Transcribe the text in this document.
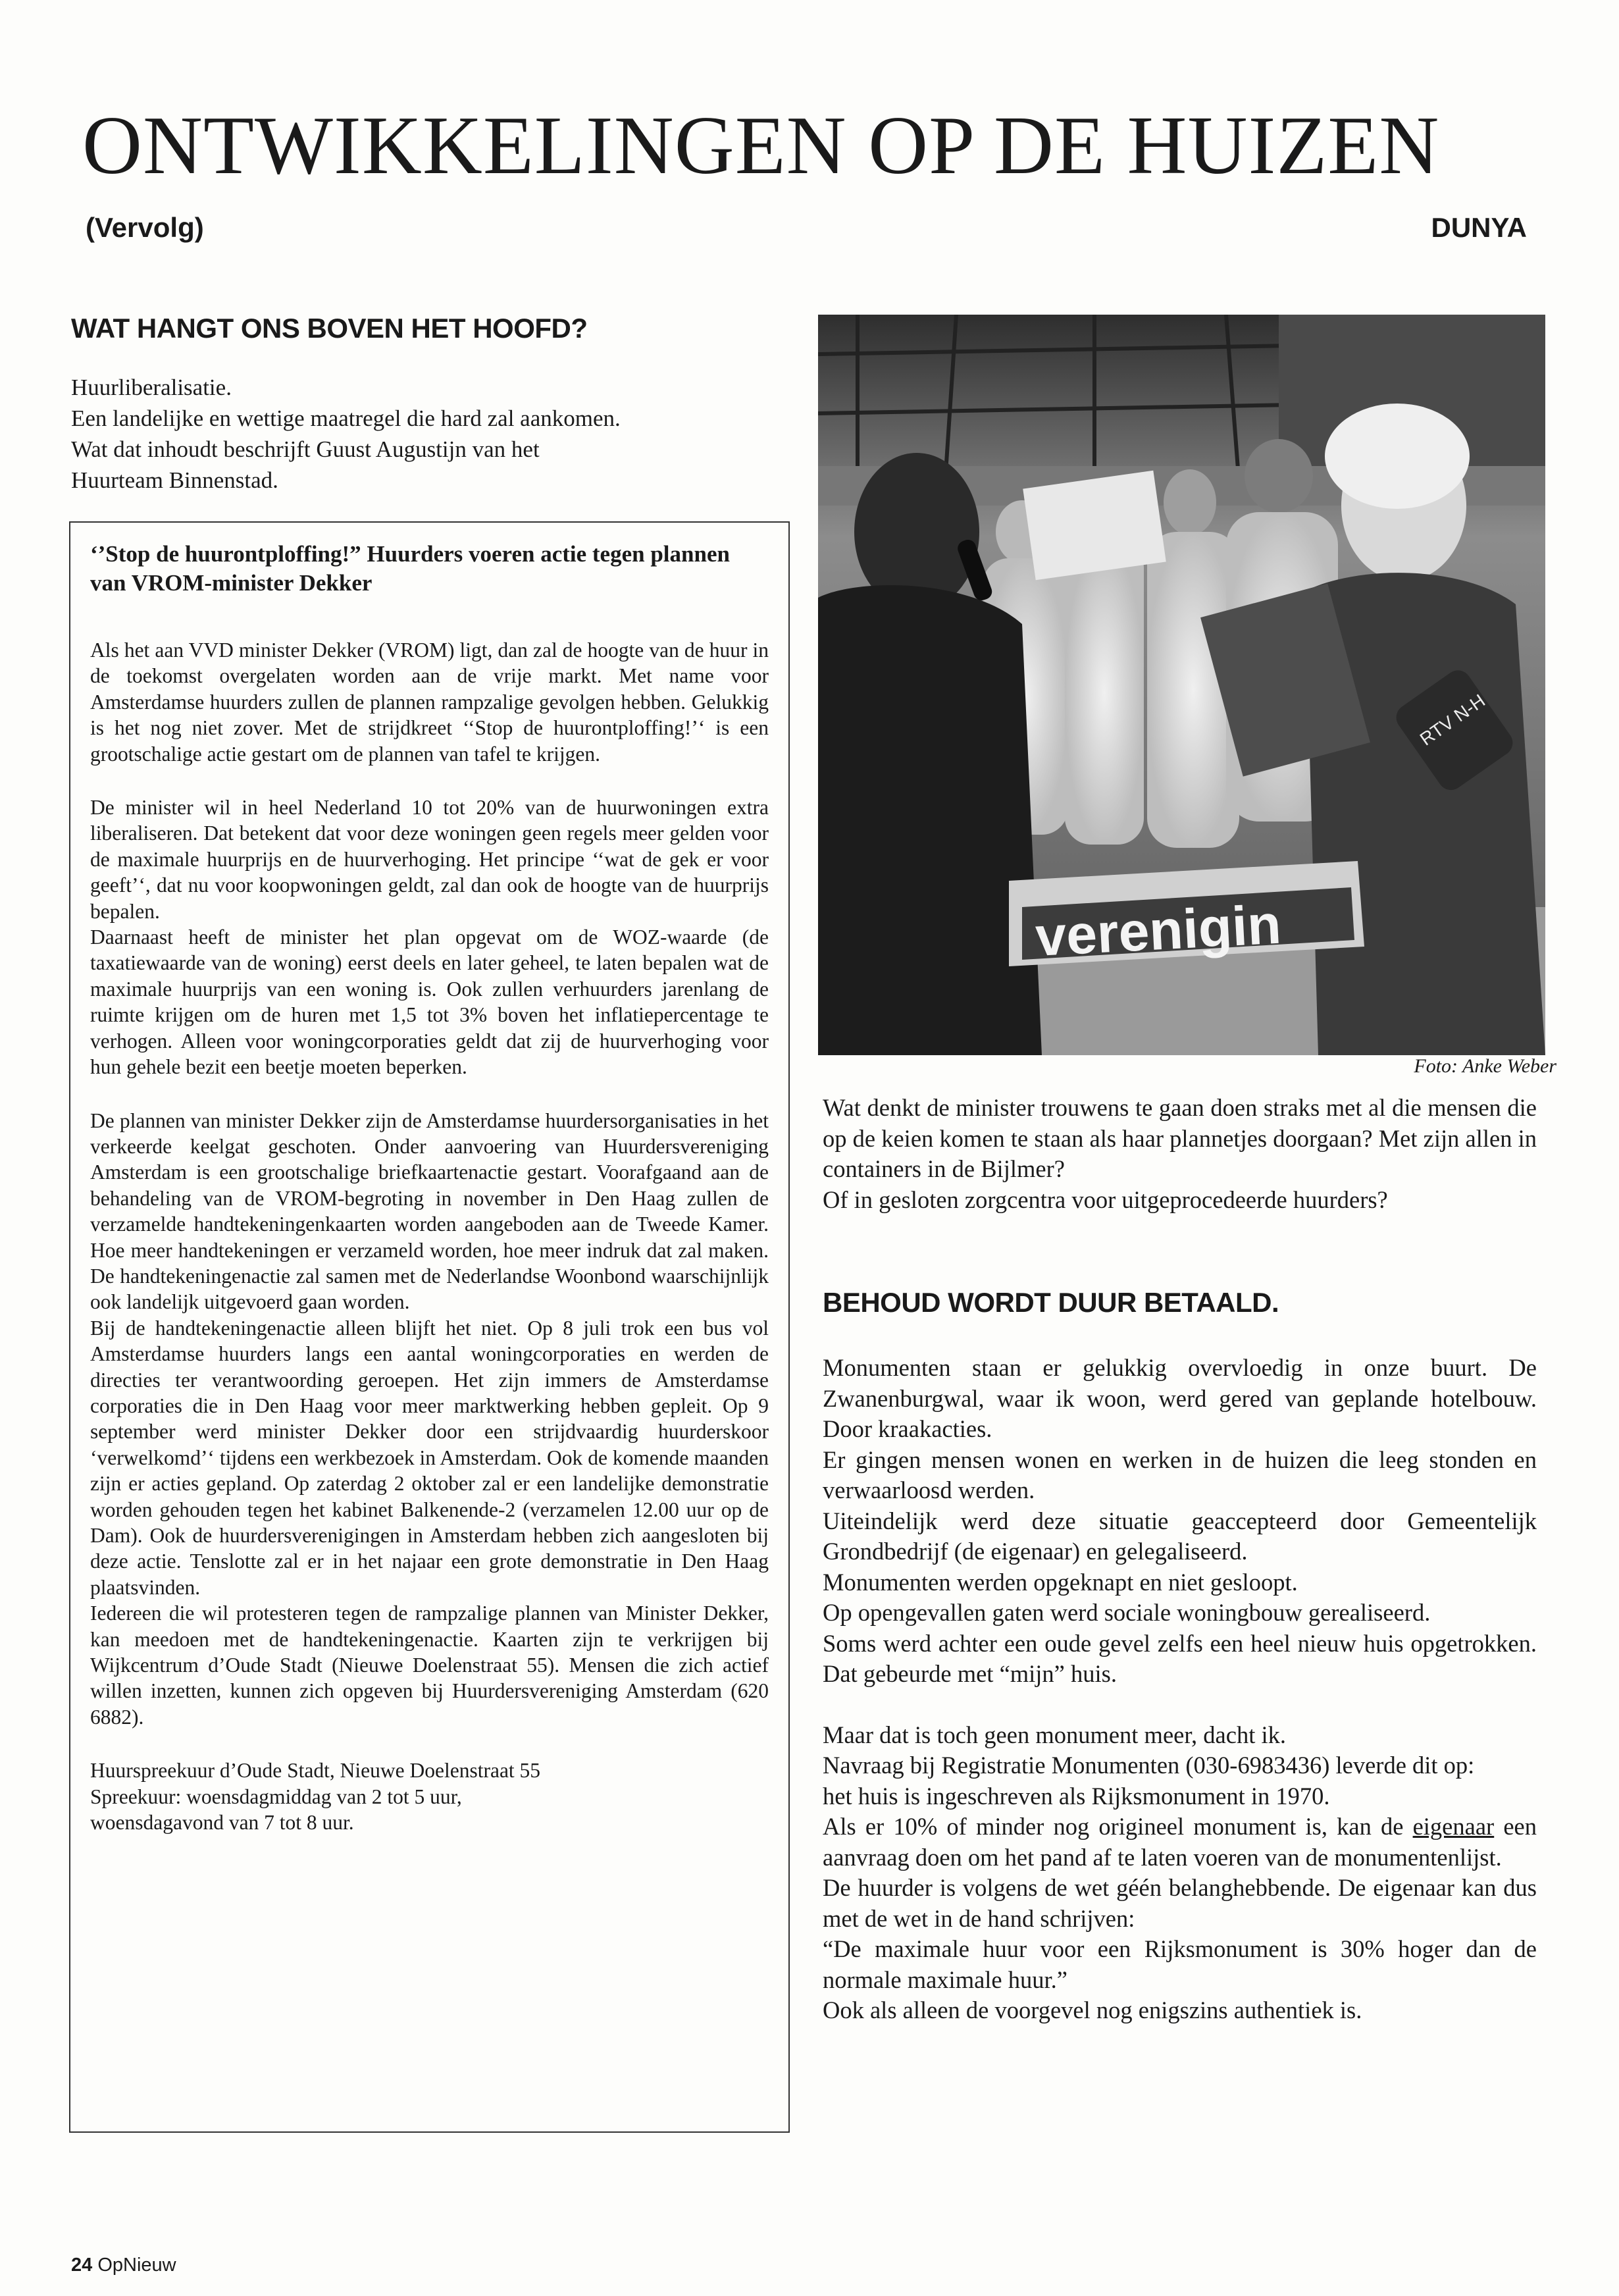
ONTWIKKELINGEN OP DE HUIZEN
(Vervolg)	DUNYA
WAT HANGT ONS BOVEN HET HOOFD?

Huurliberalisatie.

Een landelijke en wettige maatregel die hard zal aankomen.

Wat dat inhoudt beschrijft Guust Augustijn van het

Huurteam Binnenstad.

‘’Stop de huurontploffing!” Huurders voeren actie tegen plannen van VROM-minister Dekker

Als het aan VVD minister Dekker (VROM) ligt, dan zal de hoogte van de huur in de toekomst overgelaten worden aan de vrije markt. Met name voor Amsterdamse huurders zullen de plannen rampzalige gevolgen hebben. Gelukkig is het nog niet zover. Met de strijdkreet ‘‘Stop de huurontploffing!’‘ is een grootschalige actie gestart om de plannen van tafel te krijgen.

De minister wil in heel Nederland 10 tot 20% van de huurwoningen extra liberaliseren. Dat betekent dat voor deze woningen geen regels meer gelden voor de maximale huurprijs en de huurverhoging. Het principe ‘‘wat de gek er voor geeft’‘, dat nu voor koopwoningen geldt, zal dan ook de hoogte van de huurprijs bepalen.

Daarnaast heeft de minister het plan opgevat om de WOZ-waarde (de taxatiewaarde van de woning) eerst deels en later geheel, te laten bepalen wat de maximale huurprijs van een woning is. Ook zullen verhuurders jarenlang de ruimte krijgen om de huren met 1,5 tot 3% boven het inflatiepercentage te verhogen. Alleen voor woningcorporaties geldt dat zij de huurverhoging voor hun gehele bezit een beetje moeten beperken.

De plannen van minister Dekker zijn de Amsterdamse huurdersorganisaties in het verkeerde keelgat geschoten. Onder aanvoering van Huurdersvereniging Amsterdam is een grootschalige briefkaartenactie gestart. Voorafgaand aan de behandeling van de VROM-begroting in november in Den Haag zullen de verzamelde handtekeningenkaarten worden aangeboden aan de Tweede Kamer. Hoe meer handtekeningen er verzameld worden, hoe meer indruk dat zal maken. De handtekeningenactie zal samen met de Nederlandse Woonbond waarschijnlijk ook landelijk uitgevoerd gaan worden.

Bij de handtekeningenactie alleen blijft het niet. Op 8 juli trok een bus vol Amsterdamse huurders langs een aantal woningcorporaties en werden de directies ter verantwoording geroepen. Het zijn immers de Amsterdamse corporaties die in Den Haag voor meer marktwerking hebben gepleit. Op 9 september werd minister Dekker door een strijdvaardig huurderskoor ‘verwelkomd’‘ tijdens een werkbezoek in Amsterdam. Ook de komende maanden zijn er acties gepland. Op zaterdag 2 oktober zal er een landelijke demonstratie worden gehouden tegen het kabinet Balkenende-2 (verzamelen 12.00 uur op de Dam). Ook de huurdersverenigingen in Amsterdam hebben zich aangesloten bij deze actie. Tenslotte zal er in het najaar een grote demonstratie in Den Haag plaatsvinden.

Iedereen die wil protesteren tegen de rampzalige plannen van Minister Dekker, kan meedoen met de handtekeningenactie. Kaarten zijn te verkrijgen bij Wijkcentrum d’Oude Stadt (Nieuwe Doelenstraat 55). Mensen die zich actief willen inzetten, kunnen zich opgeven bij Huurdersvereniging Amsterdam (620 6882).

Huurspreekuur d’Oude Stadt, Nieuwe Doelenstraat 55

Spreekuur: woensdagmiddag van 2 tot 5 uur,

woensdagavond van 7 tot 8 uur.

verenigin
RTV N-H
Foto: Anke Weber

Wat denkt de minister trouwens te gaan doen straks met al die mensen die op de keien komen te staan als haar plannetjes doorgaan? Met zijn allen in containers in de Bijlmer?

Of in gesloten zorgcentra voor uitgeprocedeerde huurders?

BEHOUD WORDT DUUR BETAALD.

Monumenten staan er gelukkig overvloedig in onze buurt. De Zwanenburgwal, waar ik woon, werd gered van geplande hotelbouw. Door kraakacties.

Er gingen mensen wonen en werken in de huizen die leeg stonden en verwaarloosd werden.

Uiteindelijk werd deze situatie geaccepteerd door Gemeentelijk Grondbedrijf (de eigenaar) en gelegaliseerd.

Monumenten werden opgeknapt en niet gesloopt.

Op opengevallen gaten werd sociale woningbouw gerealiseerd.

Soms werd achter een oude gevel zelfs een heel nieuw huis opgetrokken. Dat gebeurde met “mijn” huis.

Maar dat is toch geen monument meer, dacht ik.

Navraag bij Registratie Monumenten (030-6983436) leverde dit op:

het huis is ingeschreven als Rijksmonument in 1970.

Als er 10% of minder nog origineel monument is, kan de eigenaar een aanvraag doen om het pand af te laten voeren van de monumentenlijst.

De huurder is volgens de wet géén belanghebbende. De eigenaar kan dus met de wet in de hand schrijven:

“De maximale huur voor een Rijksmonument is 30% hoger dan de normale maximale huur.”

Ook als alleen de voorgevel nog enigszins authentiek is.

24 OpNieuw
